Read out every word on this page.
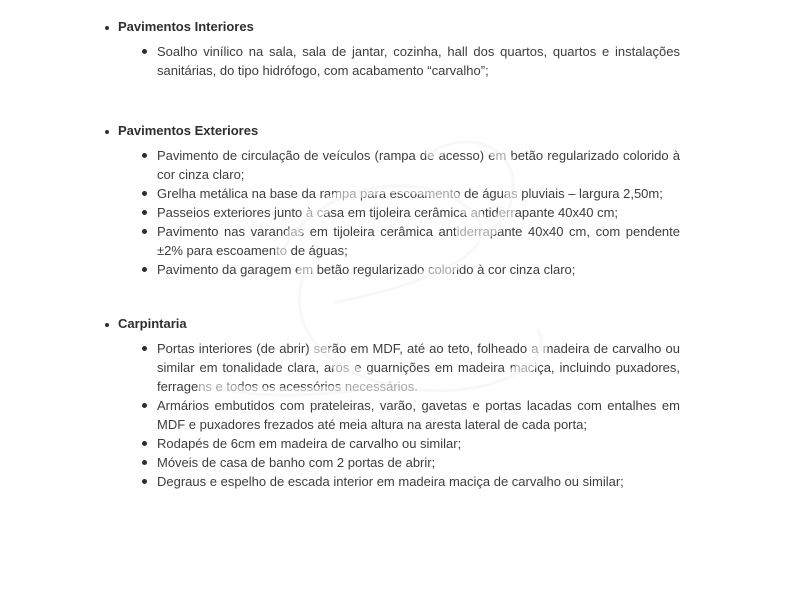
Pavimentos Interiores
Soalho vinílico na sala, sala de jantar, cozinha, hall dos quartos, quartos e instalações sanitárias, do tipo hidrófogo, com acabamento “carvalho”;
Pavimentos Exteriores
Pavimento de circulação de veículos (rampa de acesso) em betão regularizado colorido à cor cinza claro;
Grelha metálica na base da rampa para escoamento de águas pluviais – largura 2,50m;
Passeios exteriores junto à casa em tijoleira cerâmica antiderrapante 40x40 cm;
Pavimento nas varandas em tijoleira cerâmica antiderrapante 40x40 cm, com pendente ±2% para escoamento de águas;
Pavimento da garagem em betão regularizado colorido à cor cinza claro;
Carpintaria
Portas interiores (de abrir) serão em MDF, até ao teto, folheado a madeira de carvalho ou similar em tonalidade clara, aros e guarnições em madeira maciça, incluindo puxadores, ferragens e todos os acessórios necessários.
Armários embutidos com prateleiras, varão, gavetas e portas lacadas com entalhes em MDF e puxadores frezados até meia altura na aresta lateral de cada porta;
Rodapés de 6cm em madeira de carvalho ou similar;
Móveis de casa de banho com 2 portas de abrir;
Degraus e espelho de escada interior em madeira maciça de carvalho ou similar;
